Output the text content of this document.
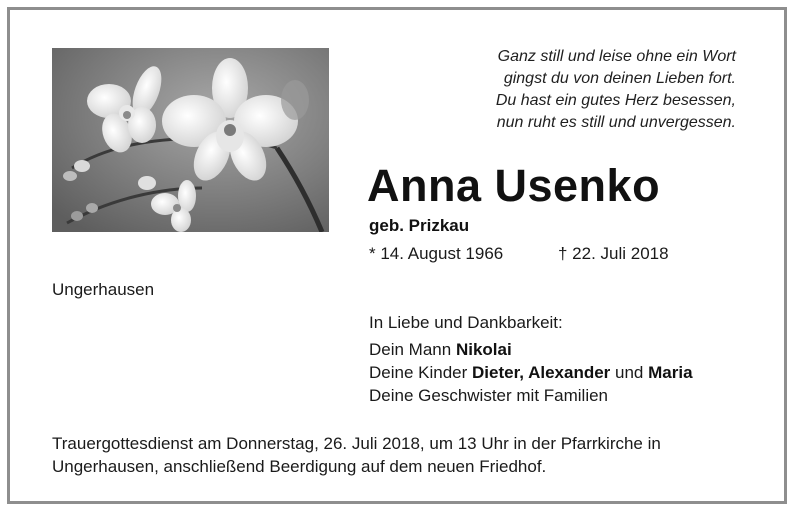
Ganz still und leise ohne ein Wort
gingst du von deinen Lieben fort.
Du hast ein gutes Herz besessen,
nun ruht es still und unvergessen.
Anna Usenko
geb. Prizkau
* 14. August 1966	† 22. Juli 2018
Ungerhausen
In Liebe und Dankbarkeit:
Dein Mann Nikolai
Deine Kinder Dieter, Alexander und Maria
Deine Geschwister mit Familien
Trauergottesdienst am Donnerstag, 26. Juli 2018, um 13 Uhr in der Pfarrkirche in
Ungerhausen, anschließend Beerdigung auf dem neuen Friedhof.
